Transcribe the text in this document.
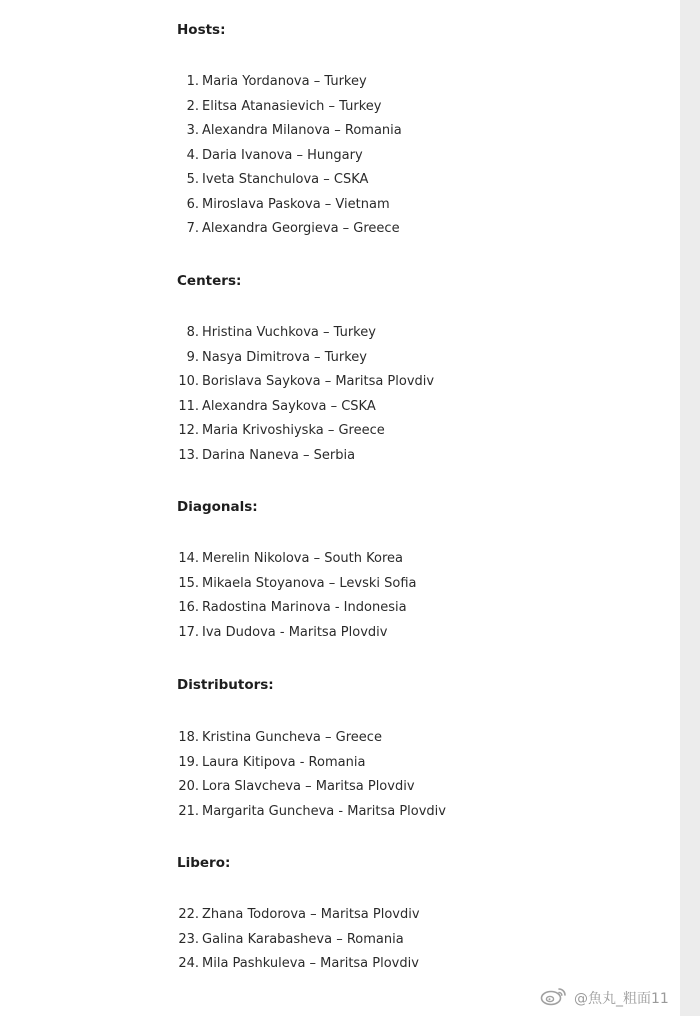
Hosts:
1. Maria Yordanova – Turkey
2. Elitsa Atanasievich – Turkey
3. Alexandra Milanova – Romania
4. Daria Ivanova – Hungary
5. Iveta Stanchulova – CSKA
6. Miroslava Paskova – Vietnam
7. Alexandra Georgieva – Greece
Centers:
8. Hristina Vuchkova – Turkey
9. Nasya Dimitrova – Turkey
10. Borislava Saykova – Maritsa Plovdiv
11. Alexandra Saykova – CSKA
12. Maria Krivoshiyska – Greece
13. Darina Naneva – Serbia
Diagonals:
14. Merelin Nikolova – South Korea
15. Mikaela Stoyanova – Levski Sofia
16. Radostina Marinova - Indonesia
17. Iva Dudova - Maritsa Plovdiv
Distributors:
18. Kristina Guncheva – Greece
19. Laura Kitipova - Romania
20. Lora Slavcheva – Maritsa Plovdiv
21. Margarita Guncheva - Maritsa Plovdiv
Libero:
22. Zhana Todorova – Maritsa Plovdiv
23. Galina Karabasheva – Romania
24. Mila Pashkuleva – Maritsa Plovdiv
@魚丸_粗面11
